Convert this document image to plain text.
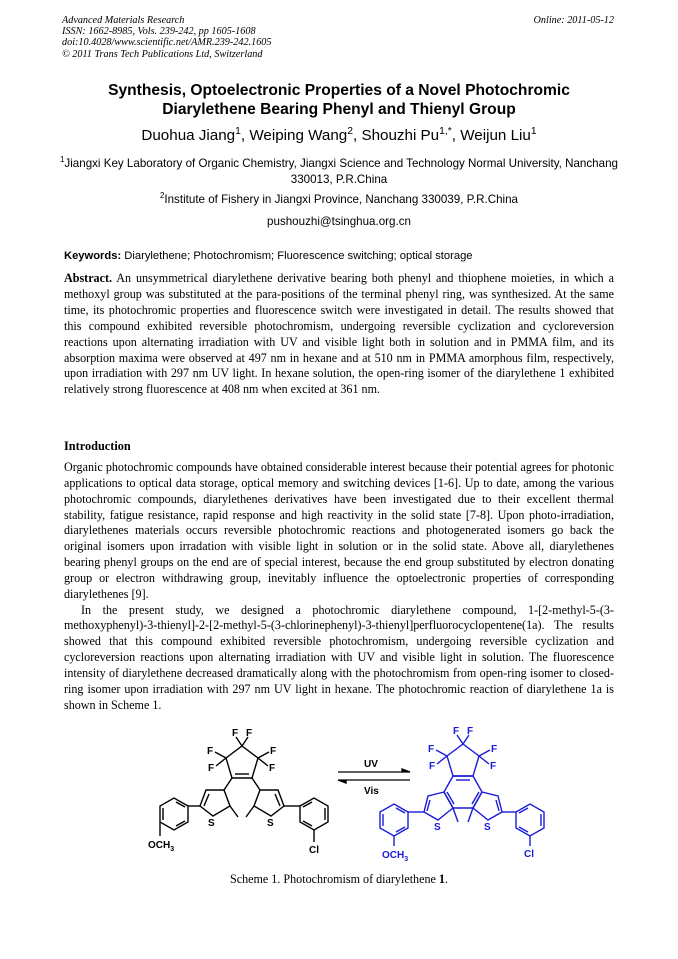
Advanced Materials Research
ISSN: 1662-8985, Vols. 239-242, pp 1605-1608
doi:10.4028/www.scientific.net/AMR.239-242.1605
© 2011 Trans Tech Publications Ltd, Switzerland
Online: 2011-05-12
Synthesis, Optoelectronic Properties of a Novel Photochromic
Diarylethene Bearing Phenyl and Thienyl Group
Duohua Jiang$^1$, Weiping Wang$^2$, Shouzhi $Pu^{1,*}$, Weijun Liu$^1$
$^1$Jiangxi Key Laboratory of Organic Chemistry, Jiangxi Science and Technology Normal University, Nanchang 330013, P.R.China
$^2$Institute of Fishery in Jiangxi Province, Nanchang 330039, P.R.China
pushouzhi@tsinghua.org.cn
Keywords: Diarylethene; Photochromism; Fluorescence switching; optical storage
Abstract. An unsymmetrical diarylethene derivative bearing both phenyl and thiophene moieties, in which a methoxyl group was substituted at the para-positions of the terminal phenyl ring, was synthesized. At the same time, its photochromic properties and fluorescence switch were investigated in detail. The results showed that this compound exhibited reversible photochromism, undergoing reversible cyclization and cycloreversion reactions upon alternating irradiation with UV and visible light both in solution and in PMMA film, and its absorption maxima were observed at 497 nm in hexane and at 510 nm in PMMA amorphous film, respectively, upon irradiation with 297 nm UV light. In hexane solution, the open-ring isomer of the diarylethene 1 exhibited relatively strong fluorescence at 408 nm when excited at 361 nm.
Introduction

Organic photochromic compounds have obtained considerable interest because their potential agrees for photonic applications to optical data storage, optical memory and switching devices [1-6]. Up to date, among the various photochromic compounds, diarylethenes derivatives have been investigated due to their excellent thermal stability, fatigue resistance, rapid response and high reactivity in the solid state [7-8]. Upon photo-irradiation, diarylethenes materials occurs reversible photochromic reactions and photogenerated isomers go back the original isomers upon irradation with visible light in solution or in the solid state. Above all, diarylethenes bearing phenyl groups on the end are of special interest, because the end group substituted by electron donating group or electron withdrawing group, inevitably influence the optoelectronic properties of corresponding diarylethenes [9].

In the present study, we designed a photochromic diarylethene compound, 1-[2-methyl-5-(3-methoxyphenyl)-3-thienyl]-2-[2-methyl-5-(3-chlorinephenyl)-3-thienyl]perfluorocyclopentene(1a). The results showed that this compound exhibited reversible photochromism, undergoing reversible cyclization and cycloreversion reactions upon alternating irradiation with UV and visible light in solution. The fluorescence intensity of diarylethene decreased dramatically along with the photochromism from open-ring isomer to closed-ring isomer upon irradiation with 297 nm UV light in hexane. The photochromic reaction of diarylethene 1a is shown in Scheme 1.

F F
F
F
F
F
S	S
$OCH_3$	Cl
UV
Vis
F F
F
F
F
F
S	S
$OCH_3$	Cl
Scheme 1. Photochromism of diarylethene 1.
